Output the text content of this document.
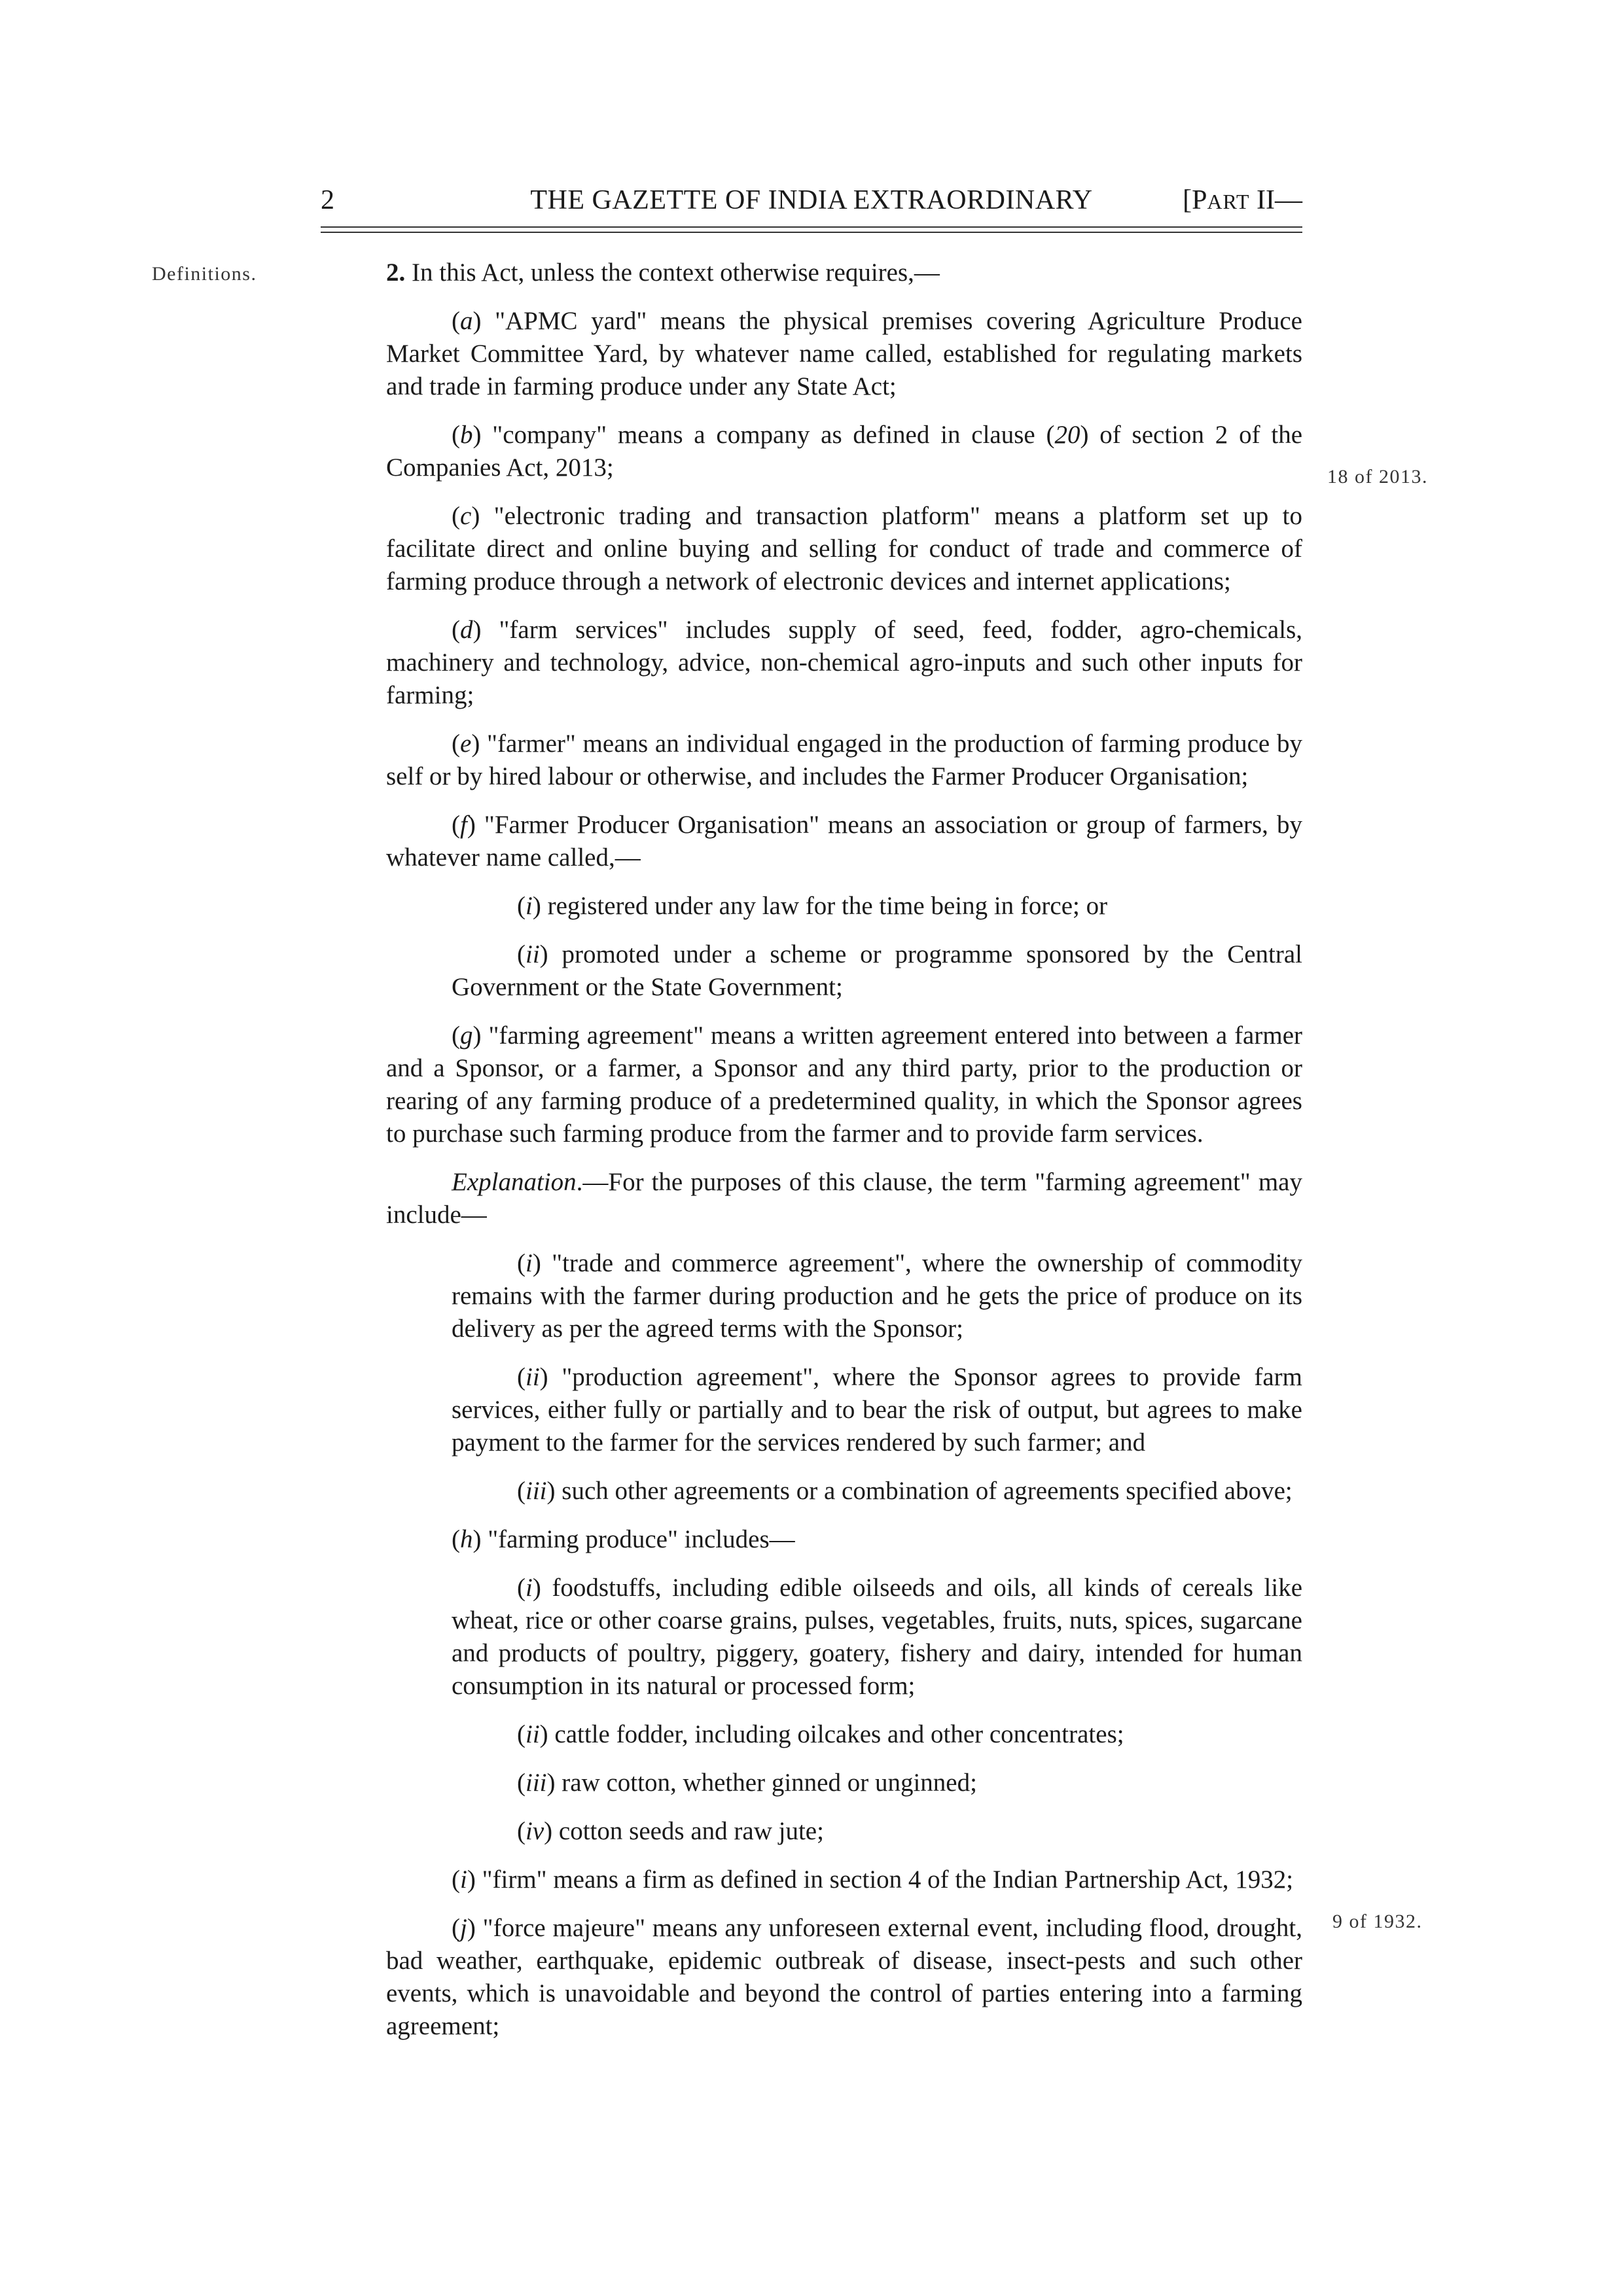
2	THE GAZETTE OF INDIA EXTRAORDINARY	[PART II—
Definitions.
18 of 2013.
9 of 1932.

2. In this Act, unless the context otherwise requires,—

(a) "APMC yard" means the physical premises covering Agriculture Produce Market Committee Yard, by whatever name called, established for regulating markets and trade in farming produce under any State Act;

(b) "company" means a company as defined in clause (20) of section 2 of the Companies Act, 2013;

(c) "electronic trading and transaction platform" means a platform set up to facilitate direct and online buying and selling for conduct of trade and commerce of farming produce through a network of electronic devices and internet applications;

(d) "farm services" includes supply of seed, feed, fodder, agro-chemicals, machinery and technology, advice, non-chemical agro-inputs and such other inputs for farming;

(e) "farmer" means an individual engaged in the production of farming produce by self or by hired labour or otherwise, and includes the Farmer Producer Organisation;

(f) "Farmer Producer Organisation" means an association or group of farmers, by whatever name called,—

(i) registered under any law for the time being in force; or

(ii) promoted under a scheme or programme sponsored by the Central Government or the State Government;

(g) "farming agreement" means a written agreement entered into between a farmer and a Sponsor, or a farmer, a Sponsor and any third party, prior to the production or rearing of any farming produce of a predetermined quality, in which the Sponsor agrees to purchase such farming produce from the farmer and to provide farm services.

Explanation.—For the purposes of this clause, the term "farming agreement" may include—

(i) "trade and commerce agreement", where the ownership of commodity remains with the farmer during production and he gets the price of produce on its delivery as per the agreed terms with the Sponsor;

(ii) "production agreement", where the Sponsor agrees to provide farm services, either fully or partially and to bear the risk of output, but agrees to make payment to the farmer for the services rendered by such farmer; and

(iii) such other agreements or a combination of agreements specified above;

(h) "farming produce" includes—

(i) foodstuffs, including edible oilseeds and oils, all kinds of cereals like wheat, rice or other coarse grains, pulses, vegetables, fruits, nuts, spices, sugarcane and products of poultry, piggery, goatery, fishery and dairy, intended for human consumption in its natural or processed form;

(ii) cattle fodder, including oilcakes and other concentrates;

(iii) raw cotton, whether ginned or unginned;

(iv) cotton seeds and raw jute;

(i) "firm" means a firm as defined in section 4 of the Indian Partnership Act, 1932;

(j) "force majeure" means any unforeseen external event, including flood, drought, bad weather, earthquake, epidemic outbreak of disease, insect-pests and such other events, which is unavoidable and beyond the control of parties entering into a farming agreement;
